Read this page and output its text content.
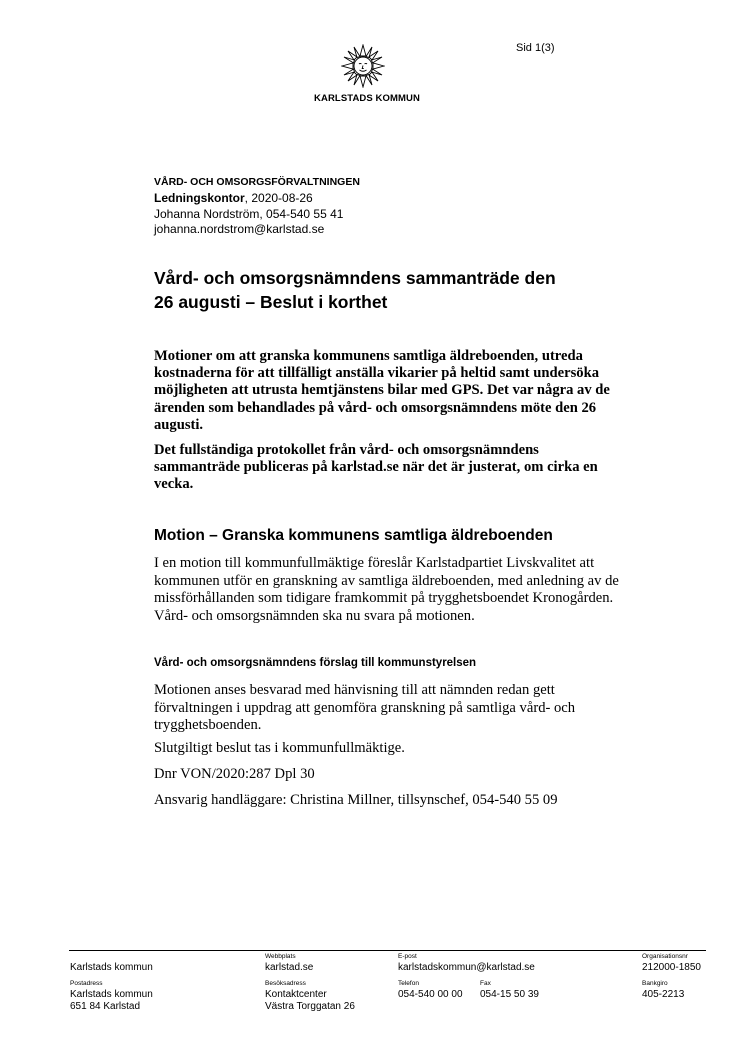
Sid 1(3)
KARLSTADS KOMMUN
VÅRD- OCH OMSORGSFÖRVALTNINGEN
Ledningskontor, 2020-08-26
Johanna Nordström, 054-540 55 41
johanna.nordstrom@karlstad.se
Vård- och omsorgsnämndens sammanträde den
26 augusti – Beslut i korthet
Motioner om att granska kommunens samtliga äldreboenden, utreda kostnaderna för att tillfälligt anställa vikarier på heltid samt undersöka möjligheten att utrusta hemtjänstens bilar med GPS. Det var några av de ärenden som behandlades på vård- och omsorgsnämndens möte den 26 augusti.
Det fullständiga protokollet från vård- och omsorgsnämndens sammanträde publiceras på karlstad.se när det är justerat, om cirka en vecka.
Motion – Granska kommunens samtliga äldreboenden
I en motion till kommunfullmäktige föreslår Karlstadpartiet Livskvalitet att kommunen utför en granskning av samtliga äldreboenden, med anledning av de missförhållanden som tidigare framkommit på trygghetsboendet Kronogården. Vård- och omsorgsnämnden ska nu svara på motionen.
Vård- och omsorgsnämndens förslag till kommunstyrelsen
Motionen anses besvarad med hänvisning till att nämnden redan gett förvaltningen i uppdrag att genomföra granskning på samtliga vård- och trygghetsboenden.
Slutgiltigt beslut tas i kommunfullmäktige.
Dnr VON/2020:287 Dpl 30
Ansvarig handläggare: Christina Millner, tillsynschef, 054-540 55 09
Karlstads kommun
Webbplats
karlstad.se
E-post
karlstadskommun@karlstad.se
Organisationsnr
212000-1850
Postadress
Karlstads kommun
651 84 Karlstad
Besöksadress
Kontaktcenter
Västra Torggatan 26
Telefon
054-540 00 00
Fax
054-15 50 39
Bankgiro
405-2213
